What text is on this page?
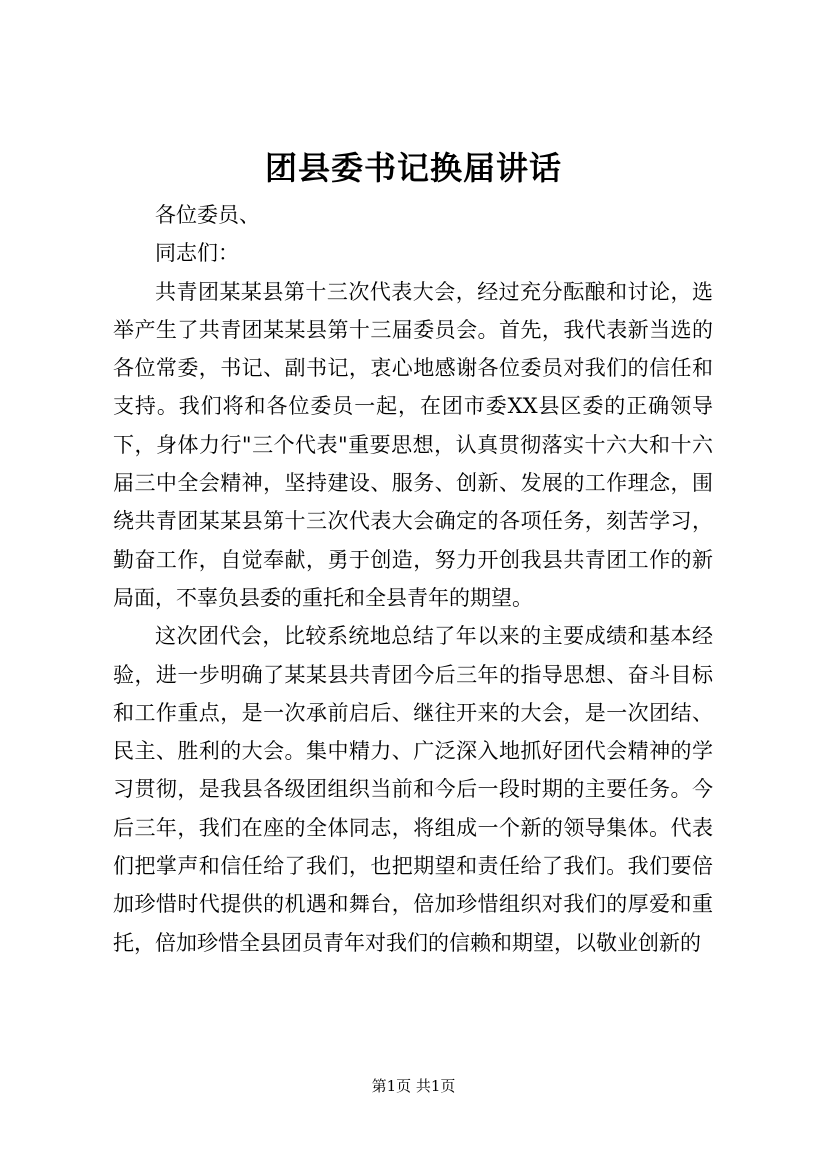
团县委书记换届讲话

各位委员、

同志们：

共青团某某县第十三次代表大会，经过充分酝酿和讨论，选举产生了共青团某某县第十三届委员会。首先，我代表新当选的各位常委，书记、副书记，衷心地感谢各位委员对我们的信任和支持。我们将和各位委员一起，在团市委XX县区委的正确领导下，身体力行"三个代表"重要思想，认真贯彻落实十六大和十六届三中全会精神，坚持建设、服务、创新、发展的工作理念，围绕共青团某某县第十三次代表大会确定的各项任务，刻苦学习，勤奋工作，自觉奉献，勇于创造，努力开创我县共青团工作的新局面，不辜负县委的重托和全县青年的期望。

这次团代会，比较系统地总结了年以来的主要成绩和基本经验，进一步明确了某某县共青团今后三年的指导思想、奋斗目标和工作重点，是一次承前启后、继往开来的大会，是一次团结、民主、胜利的大会。集中精力、广泛深入地抓好团代会精神的学习贯彻，是我县各级团组织当前和今后一段时期的主要任务。今后三年，我们在座的全体同志，将组成一个新的领导集体。代表们把掌声和信任给了我们，也把期望和责任给了我们。我们要倍加珍惜时代提供的机遇和舞台，倍加珍惜组织对我们的厚爱和重托，倍加珍惜全县团员青年对我们的信赖和期望，以敬业创新的

第1页 共1页
